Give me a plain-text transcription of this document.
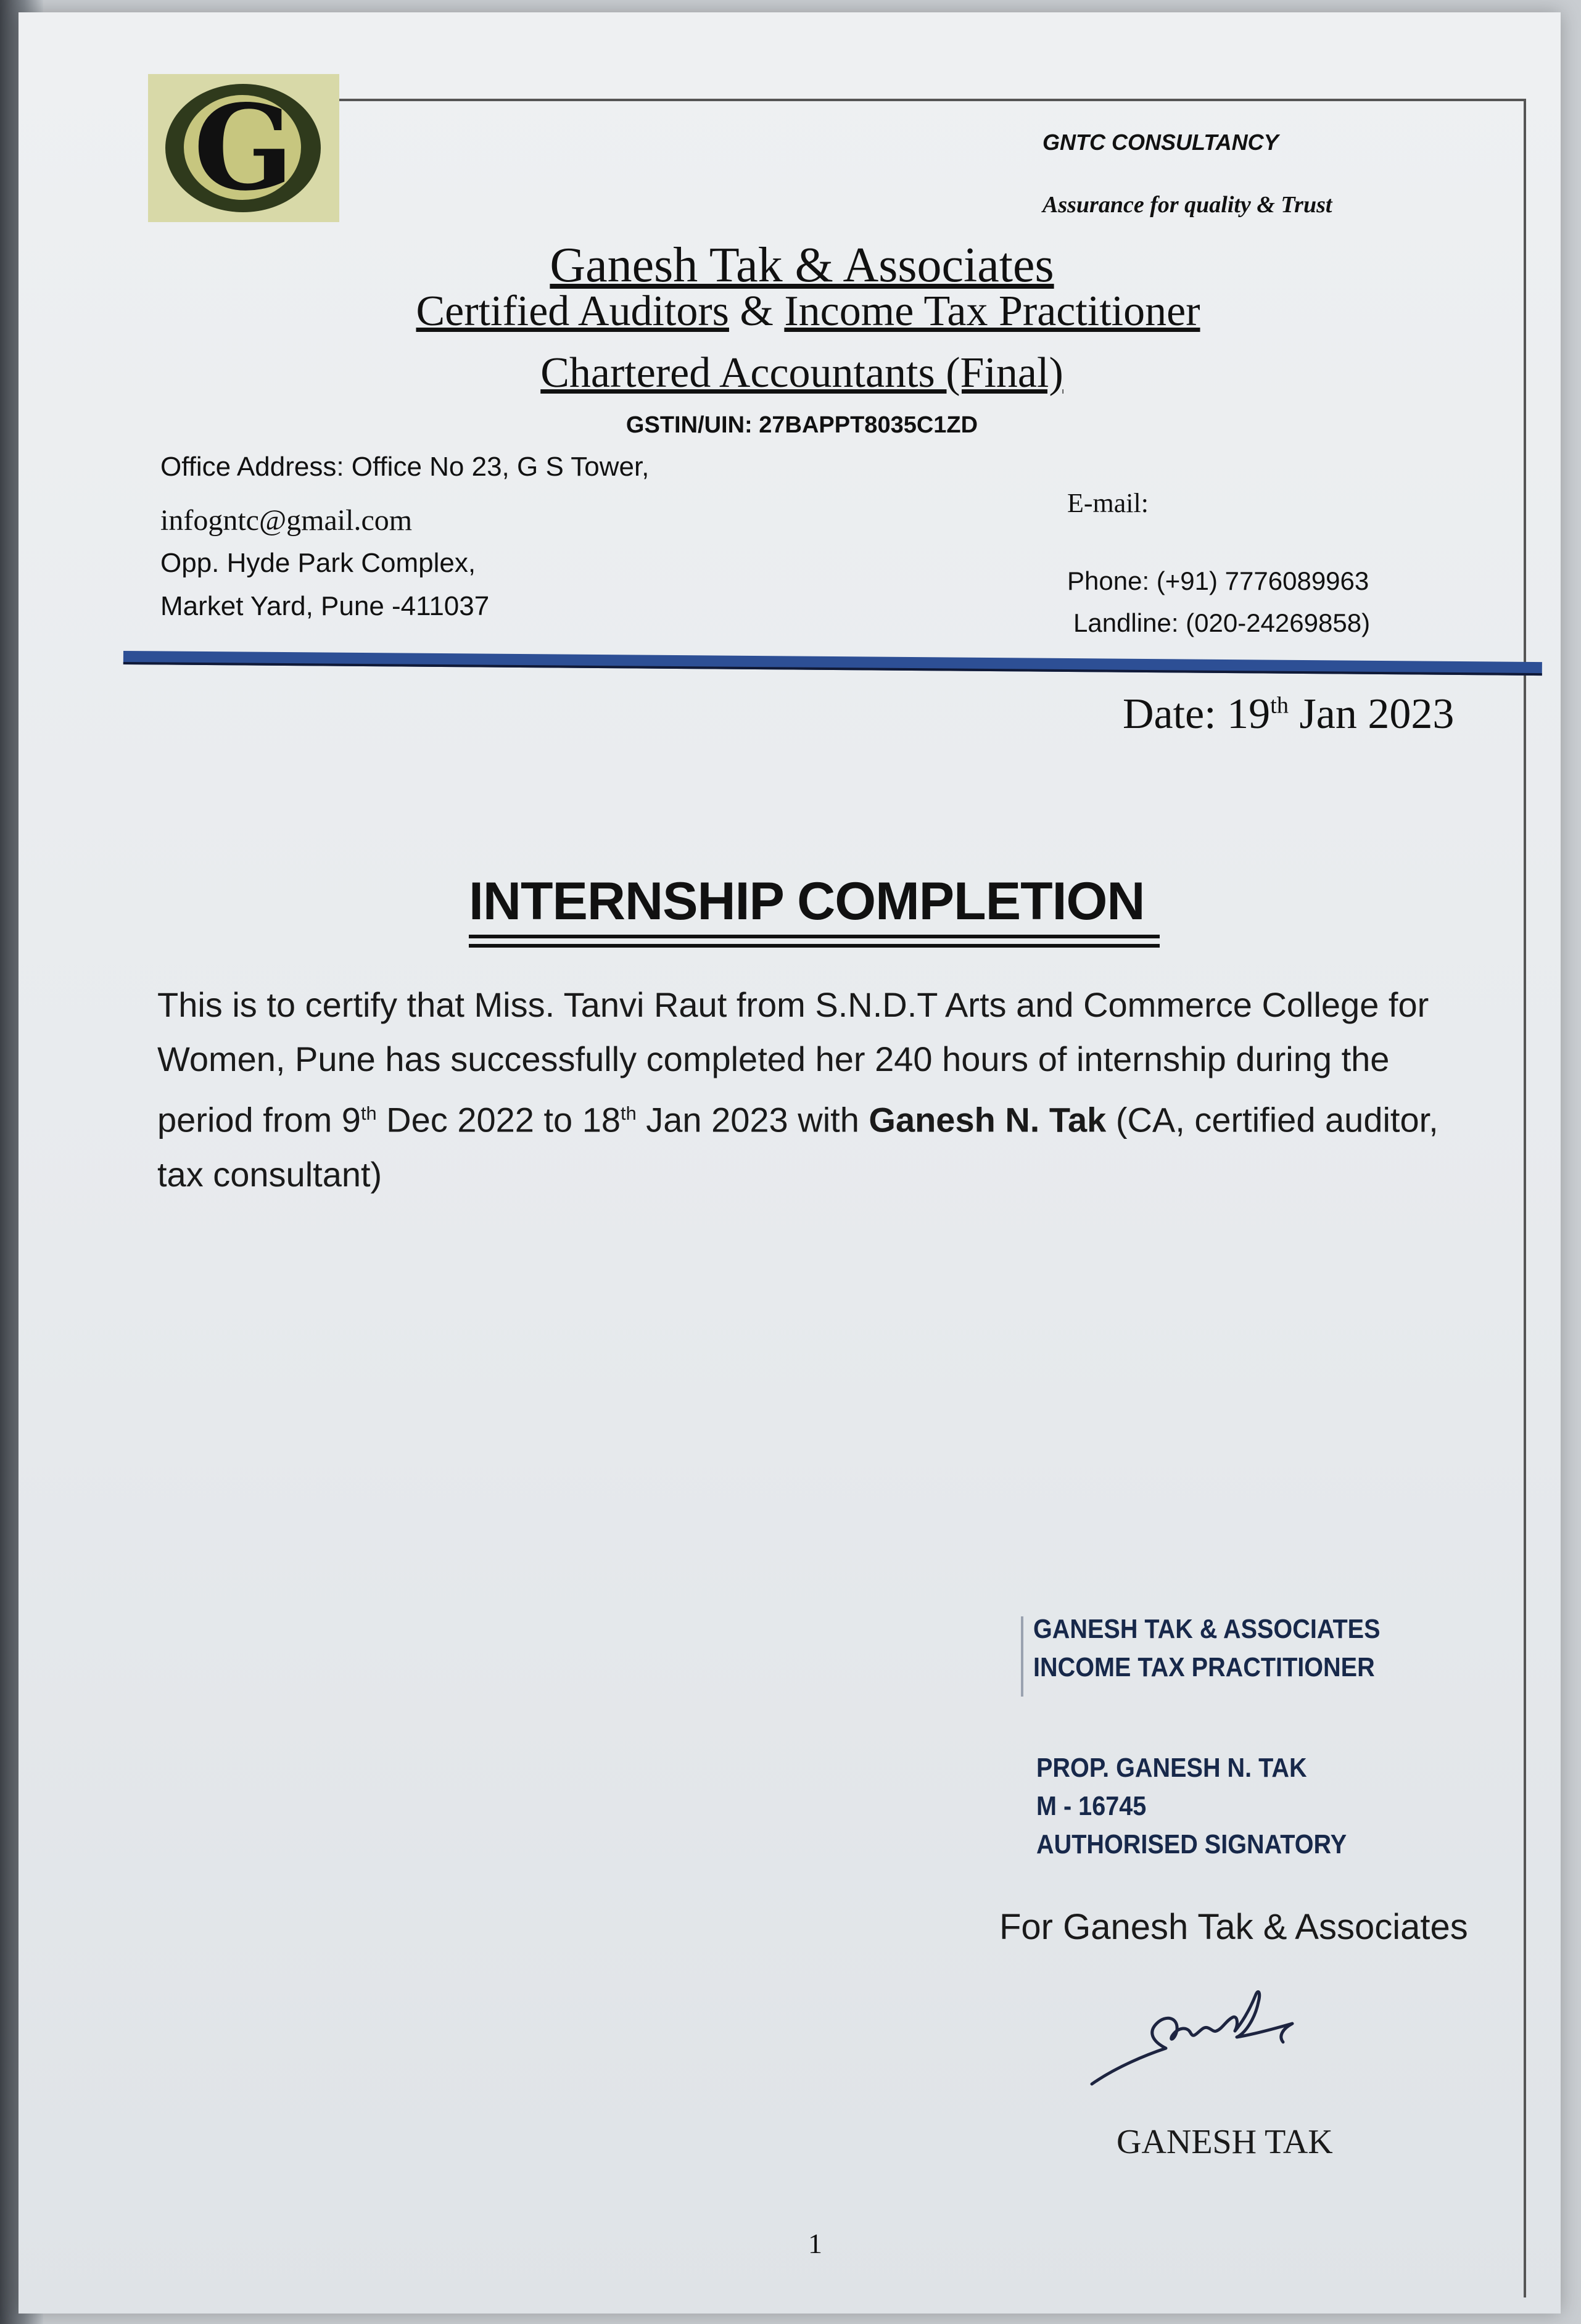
G	GNTC CONSULTANCY
Assurance for quality & Trust
Ganesh Tak & Associates
Certified Auditors & Income Tax Practitioner
Chartered Accountants (Final)
GSTIN/UIN: 27BAPPT8035C1ZD
Office Address: Office No 23, G S Tower,
infogntc@gmail.com
Opp. Hyde Park Complex,
Market Yard, Pune -411037
E-mail:
Phone: (+91) 7776089963
Landline: (020-24269858)
Date: 19th Jan 2023
INTERNSHIP COMPLETION
This is to certify that Miss. Tanvi Raut from S.N.D.T Arts and Commerce College for Women, Pune has successfully completed her 240 hours of internship during the period from 9th Dec 2022 to 18th Jan 2023 with Ganesh N. Tak (CA, certified auditor, tax consultant)
GANESH TAK & ASSOCIATES
INCOME TAX PRACTITIONER
PROP. GANESH N. TAK
M - 16745
AUTHORISED SIGNATORY
For Ganesh Tak & Associates
GANESH TAK
1
